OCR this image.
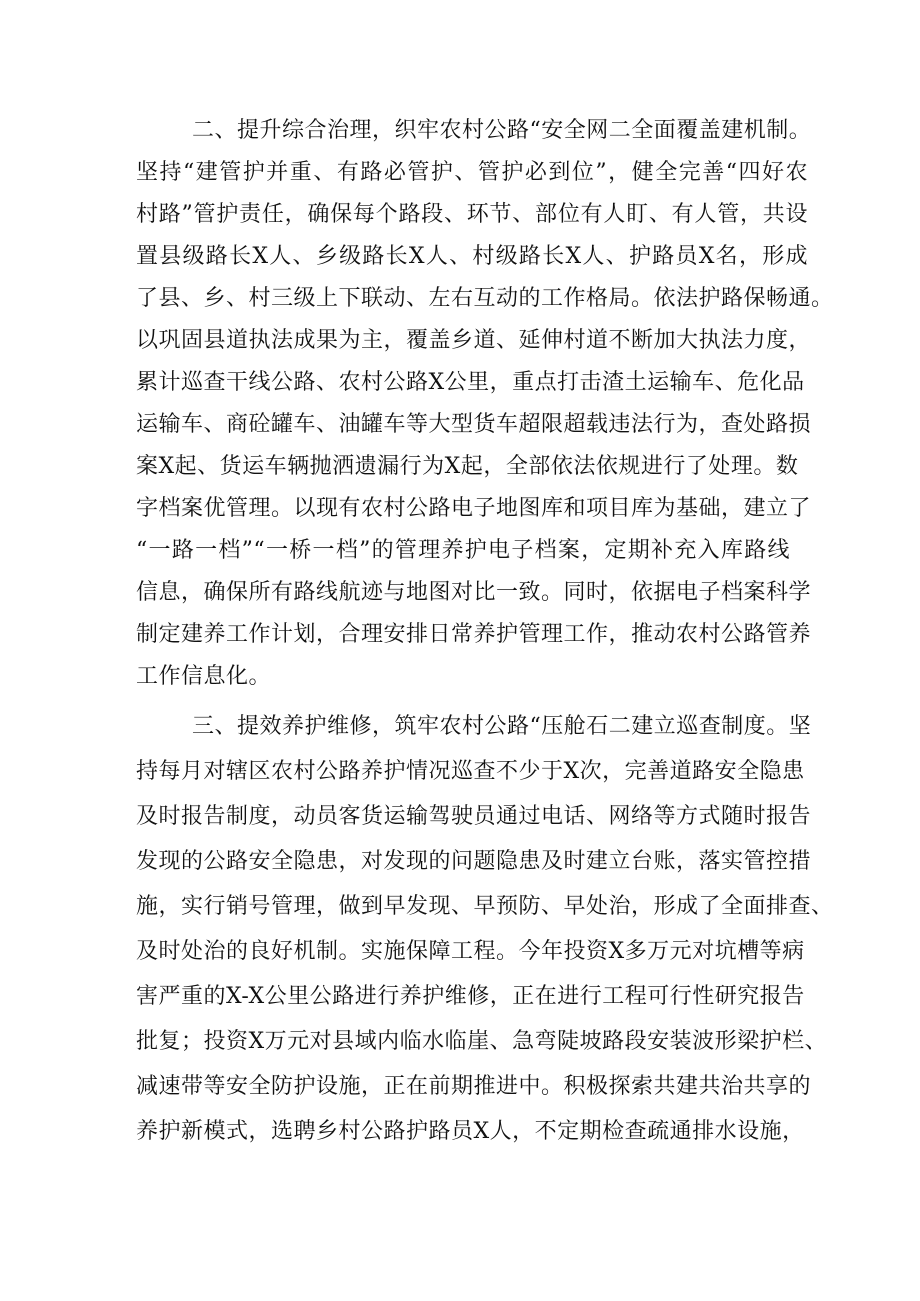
二、提升综合治理，织牢农村公路“安全网二全面覆盖建机制。
坚持“建管护并重、有路必管护、管护必到位”，健全完善“四好农
村路”管护责任，确保每个路段、环节、部位有人盯、有人管，共设
置县级路长X人、乡级路长X人、村级路长X人、护路员X名，形成
了县、乡、村三级上下联动、左右互动的工作格局。依法护路保畅通。
以巩固县道执法成果为主，覆盖乡道、延伸村道不断加大执法力度，
累计巡查干线公路、农村公路X公里，重点打击渣土运输车、危化品
运输车、商砼罐车、油罐车等大型货车超限超载违法行为，查处路损
案X起、货运车辆抛洒遗漏行为X起，全部依法依规进行了处理。数
字档案优管理。以现有农村公路电子地图库和项目库为基础，建立了
“一路一档”“一桥一档”的管理养护电子档案，定期补充入库路线
信息，确保所有路线航迹与地图对比一致。同时，依据电子档案科学
制定建养工作计划，合理安排日常养护管理工作，推动农村公路管养
工作信息化。
三、提效养护维修，筑牢农村公路“压舱石二建立巡查制度。坚
持每月对辖区农村公路养护情况巡查不少于X次，完善道路安全隐患
及时报告制度，动员客货运输驾驶员通过电话、网络等方式随时报告
发现的公路安全隐患，对发现的问题隐患及时建立台账，落实管控措
施，实行销号管理，做到早发现、早预防、早处治，形成了全面排查、
及时处治的良好机制。实施保障工程。今年投资X多万元对坑槽等病
害严重的X-X公里公路进行养护维修，正在进行工程可行性研究报告
批复；投资X万元对县域内临水临崖、急弯陡坡路段安装波形梁护栏、
减速带等安全防护设施，正在前期推进中。积极探索共建共治共享的
养护新模式，选聘乡村公路护路员X人，不定期检查疏通排水设施，
